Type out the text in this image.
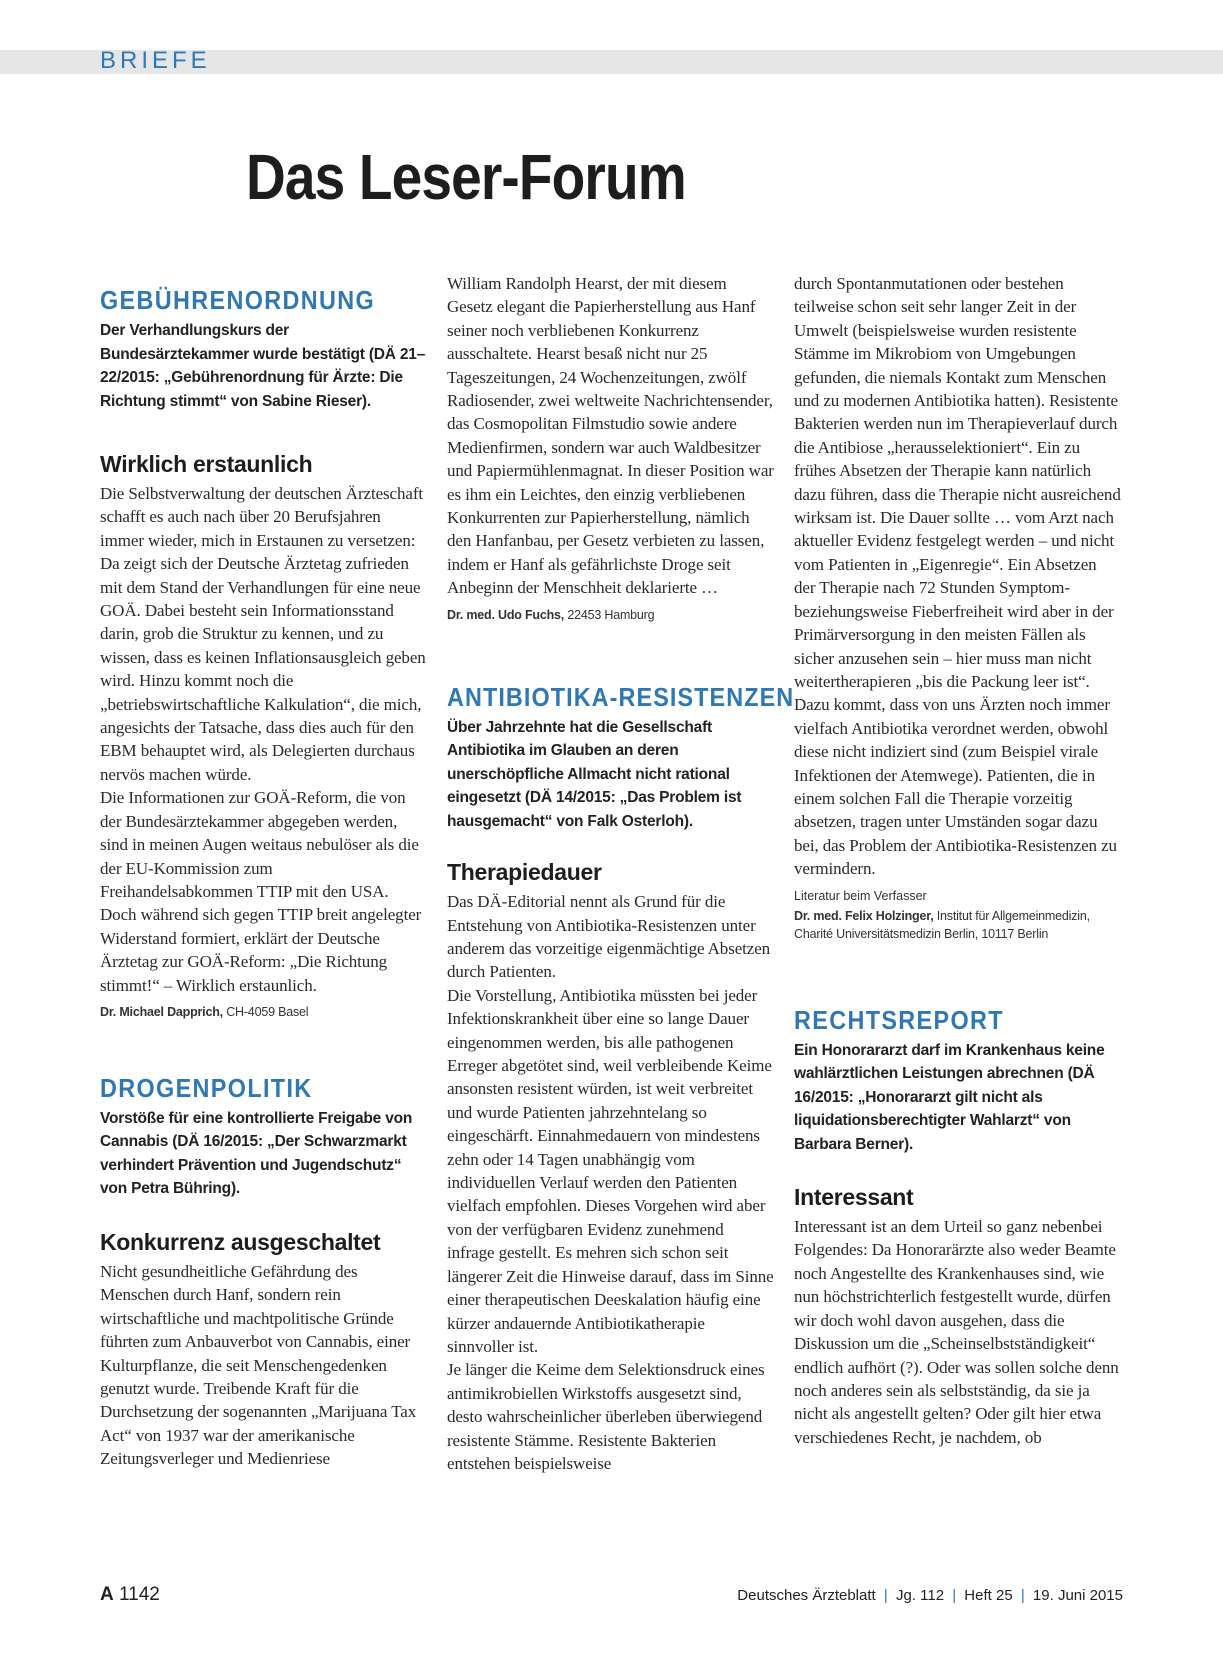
BRIEFE
Das Leser-Forum
GEBÜHRENORDNUNG

Der Verhandlungskurs der Bundesärztekammer wurde bestätigt (DÄ 21–22/2015: „Gebührenordnung für Ärzte: Die Richtung stimmt“ von Sabine Rieser).

Wirklich erstaunlich

Die Selbstverwaltung der deutschen Ärzteschaft schafft es auch nach über 20 Berufsjahren immer wieder, mich in Erstaunen zu versetzen:

Da zeigt sich der Deutsche Ärztetag zufrieden mit dem Stand der Verhandlungen für eine neue GOÄ. Dabei besteht sein Informationsstand darin, grob die Struktur zu kennen, und zu wissen, dass es keinen Inflationsausgleich geben wird. Hinzu kommt noch die „betriebswirtschaftliche Kalkulation“, die mich, angesichts der Tatsache, dass dies auch für den EBM behauptet wird, als Delegierten durchaus nervös machen würde.

Die Informationen zur GOÄ-Reform, die von der Bundesärztekammer abgegeben werden, sind in meinen Augen weitaus nebulöser als die der EU-Kommission zum Freihandelsabkommen TTIP mit den USA. Doch während sich gegen TTIP breit angelegter Widerstand formiert, erklärt der Deutsche Ärztetag zur GOÄ-Reform: „Die Richtung stimmt!“ – Wirklich erstaunlich.

Dr. Michael Dapprich, CH-4059 Basel

DROGENPOLITIK

Vorstöße für eine kontrollierte Freigabe von Cannabis (DÄ 16/2015: „Der Schwarzmarkt verhindert Prävention und Jugendschutz“ von Petra Bühring).

Konkurrenz ausgeschaltet

Nicht gesundheitliche Gefährdung des Menschen durch Hanf, sondern rein wirtschaftliche und machtpolitische Gründe führten zum Anbauverbot von Cannabis, einer Kulturpflanze, die seit Menschengedenken genutzt wurde. Treibende Kraft für die Durchsetzung der sogenannten „Marijuana Tax Act“ von 1937 war der amerikanische Zeitungsverleger und Medienriese

William Randolph Hearst, der mit diesem Gesetz elegant die Papierherstellung aus Hanf seiner noch verbliebenen Konkurrenz ausschaltete. Hearst besaß nicht nur 25 Tageszeitungen, 24 Wochenzeitungen, zwölf Radiosender, zwei weltweite Nachrichtensender, das Cosmopolitan Filmstudio sowie andere Medienfirmen, sondern war auch Waldbesitzer und Papiermühlenmagnat. In dieser Position war es ihm ein Leichtes, den einzig verbliebenen Konkurrenten zur Papierherstellung, nämlich den Hanfanbau, per Gesetz verbieten zu lassen, indem er Hanf als gefährlichste Droge seit Anbeginn der Menschheit deklarierte …

Dr. med. Udo Fuchs, 22453 Hamburg

ANTIBIOTIKA-RESISTENZEN

Über Jahrzehnte hat die Gesellschaft Antibiotika im Glauben an deren unerschöpfliche Allmacht nicht rational eingesetzt (DÄ 14/2015: „Das Problem ist hausgemacht“ von Falk Osterloh).

Therapiedauer

Das DÄ-Editorial nennt als Grund für die Entstehung von Antibiotika-Resistenzen unter anderem das vorzeitige eigenmächtige Absetzen durch Patienten.

Die Vorstellung, Antibiotika müssten bei jeder Infektionskrankheit über eine so lange Dauer eingenommen werden, bis alle pathogenen Erreger abgetötet sind, weil verbleibende Keime ansonsten resistent würden, ist weit verbreitet und wurde Patienten jahrzehntelang so eingeschärft. Einnahmedauern von mindestens zehn oder 14 Tagen unabhängig vom individuellen Verlauf werden den Patienten vielfach empfohlen. Dieses Vorgehen wird aber von der verfügbaren Evidenz zunehmend infrage gestellt. Es mehren sich schon seit längerer Zeit die Hinweise darauf, dass im Sinne einer therapeutischen Deeskalation häufig eine kürzer andauernde Antibiotikatherapie sinnvoller ist.

Je länger die Keime dem Selektionsdruck eines antimikrobiellen Wirkstoffs ausgesetzt sind, desto wahrscheinlicher überleben überwiegend resistente Stämme. Resistente Bakterien entstehen beispielsweise

durch Spontanmutationen oder bestehen teilweise schon seit sehr langer Zeit in der Umwelt (beispielsweise wurden resistente Stämme im Mikrobiom von Umgebungen gefunden, die niemals Kontakt zum Menschen und zu modernen Antibiotika hatten). Resistente Bakterien werden nun im Therapieverlauf durch die Antibiose „herausselektioniert“. Ein zu frühes Absetzen der Therapie kann natürlich dazu führen, dass die Therapie nicht ausreichend wirksam ist. Die Dauer sollte … vom Arzt nach aktueller Evidenz festgelegt werden – und nicht vom Patienten in „Eigenregie“. Ein Absetzen der Therapie nach 72 Stunden Symptom- beziehungsweise Fieberfreiheit wird aber in der Primärversorgung in den meisten Fällen als sicher anzusehen sein – hier muss man nicht weitertherapieren „bis die Packung leer ist“. Dazu kommt, dass von uns Ärzten noch immer vielfach Antibiotika verordnet werden, obwohl diese nicht indiziert sind (zum Beispiel virale Infektionen der Atemwege). Patienten, die in einem solchen Fall die Therapie vorzeitig absetzen, tragen unter Umständen sogar dazu bei, das Problem der Antibiotika-Resistenzen zu vermindern.

Literatur beim Verfasser

Dr. med. Felix Holzinger, Institut für Allgemeinmedizin, Charité Universitätsmedizin Berlin, 10117 Berlin

RECHTSREPORT

Ein Honorararzt darf im Krankenhaus keine wahlärztlichen Leistungen abrechnen (DÄ 16/2015: „Honorararzt gilt nicht als liquidationsberechtigter Wahlarzt“ von Barbara Berner).

Interessant

Interessant ist an dem Urteil so ganz nebenbei Folgendes: Da Honorarärzte also weder Beamte noch Angestellte des Krankenhauses sind, wie nun höchstrichterlich festgestellt wurde, dürfen wir doch wohl davon ausgehen, dass die Diskussion um die „Scheinselbstständigkeit“ endlich aufhört (?). Oder was sollen solche denn noch anderes sein als selbstständig, da sie ja nicht als angestellt gelten? Oder gilt hier etwa verschiedenes Recht, je nachdem, ob

A 1142	Deutsches Ärzteblatt | Jg. 112 | Heft 25 | 19. Juni 2015
